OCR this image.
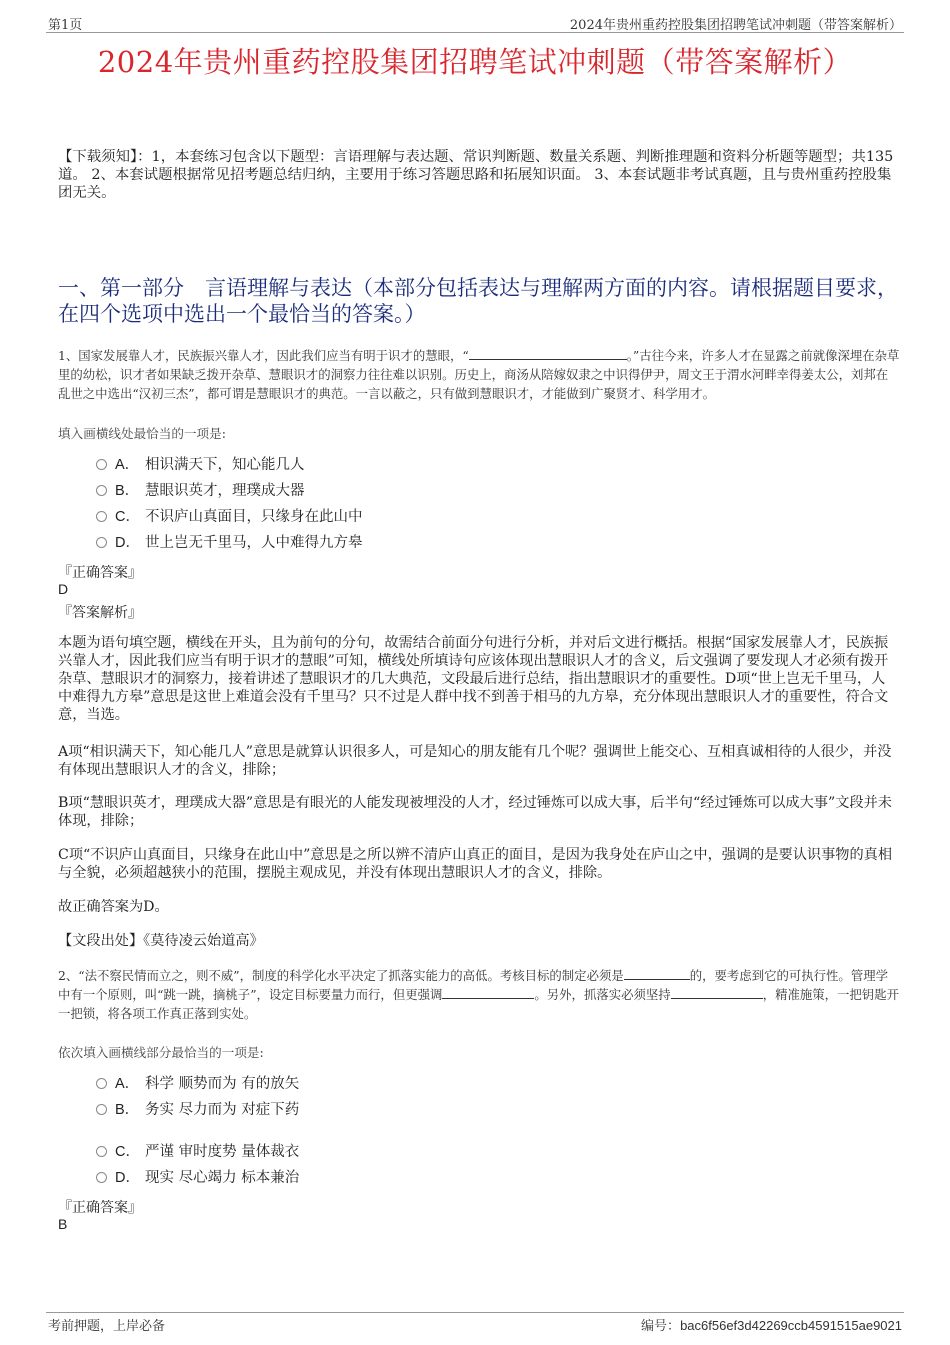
第1页	2024年贵州重药控股集团招聘笔试冲刺题（带答案解析）
2024年贵州重药控股集团招聘笔试冲刺题（带答案解析）
【下载须知】：1，本套练习包含以下题型：言语理解与表达题、常识判断题、数量关系题、判断推理题和资料分析题等题型；共135道。 2、本套试题根据常见招考题总结归纳，主要用于练习答题思路和拓展知识面。 3、本套试题非考试真题，且与贵州重药控股集团无关。
一、第一部分　言语理解与表达（本部分包括表达与理解两方面的内容。请根据题目要求，在四个选项中选出一个最恰当的答案。）
1、国家发展靠人才，民族振兴靠人才，因此我们应当有明于识才的慧眼，“	。”古往今来，许多人才在显露之前就像深埋在杂草里的幼松，识才者如果缺乏拨开杂草、慧眼识才的洞察力往往难以识别。历史上，商汤从陪嫁奴隶之中识得伊尹，周文王于渭水河畔幸得姜太公，刘邦在乱世之中选出“汉初三杰”，都可谓是慧眼识才的典范。一言以蔽之，只有做到慧眼识才，才能做到广聚贤才、科学用才。
填入画横线处最恰当的一项是:
A． 相识满天下，知心能几人
B． 慧眼识英才，理璞成大器
C． 不识庐山真面目，只缘身在此山中
D． 世上岂无千里马，人中难得九方皋
『正确答案』
D
『答案解析』
本题为语句填空题，横线在开头，且为前句的分句，故需结合前面分句进行分析，并对后文进行概括。根据“国家发展靠人才，民族振兴靠人才，因此我们应当有明于识才的慧眼”可知，横线处所填诗句应该体现出慧眼识人才的含义，后文强调了要发现人才必须有拨开杂草、慧眼识才的洞察力，接着讲述了慧眼识才的几大典范，文段最后进行总结，指出慧眼识才的重要性。D项“世上岂无千里马，人中难得九方皋”意思是这世上难道会没有千里马？只不过是人群中找不到善于相马的九方皋，充分体现出慧眼识人才的重要性，符合文意，当选。
A项“相识满天下，知心能几人”意思是就算认识很多人，可是知心的朋友能有几个呢？强调世上能交心、互相真诚相待的人很少，并没有体现出慧眼识人才的含义，排除；
B项“慧眼识英才，理璞成大器”意思是有眼光的人能发现被埋没的人才，经过锤炼可以成大事，后半句“经过锤炼可以成大事”文段并未体现，排除；
C项“不识庐山真面目，只缘身在此山中”意思是之所以辨不清庐山真正的面目，是因为我身处在庐山之中，强调的是要认识事物的真相与全貌，必须超越狭小的范围，摆脱主观成见，并没有体现出慧眼识人才的含义，排除。
故正确答案为D。
【文段出处】《莫待凌云始道高》
2、“法不察民情而立之，则不威”，制度的科学化水平决定了抓落实能力的高低。考核目标的制定必须是	的，要考虑到它的可执行性。管理学中有一个原则，叫“跳一跳，摘桃子”，设定目标要量力而行，但更强调	。另外，抓落实必须坚持	，精准施策，一把钥匙开一把锁，将各项工作真正落到实处。
依次填入画横线部分最恰当的一项是:
A． 科学 顺势而为 有的放矢
B． 务实 尽力而为 对症下药
C． 严谨 审时度势 量体裁衣
D． 现实 尽心竭力 标本兼治
『正确答案』
B
考前押题，上岸必备	编号：bac6f56ef3d42269ccb4591515ae9021
